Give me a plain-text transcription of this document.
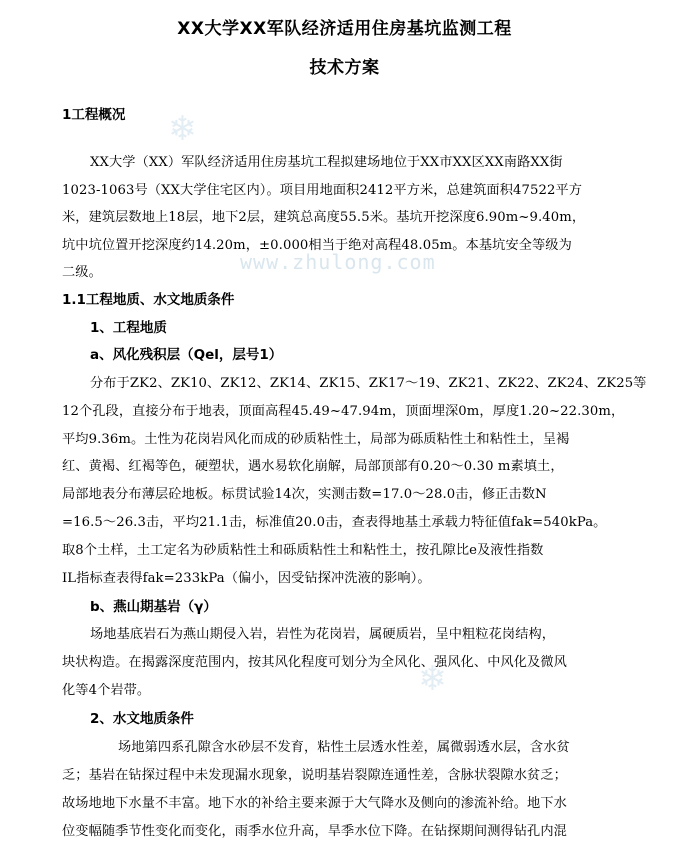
❄
❄
www.zhulong.com
XX大学XX军队经济适用住房基坑监测工程
技术方案
1工程概况
XX大学（XX）军队经济适用住房基坑工程拟建场地位于XX市XX区XX南路XX街
1023-1063号（XX大学住宅区内）。项目用地面积2412平方米，总建筑面积47522平方
米，建筑层数地上18层，地下2层，建筑总高度55.5米。基坑开挖深度6.90m~9.40m，
坑中坑位置开挖深度约14.20m，±0.000相当于绝对高程48.05m。本基坑安全等级为
二级。
1.1工程地质、水文地质条件
1、工程地质
a、风化残积层（Qel，层号1）
分布于ZK2、ZK10、ZK12、ZK14、ZK15、ZK17～19、ZK21、ZK22、ZK24、ZK25等
12个孔段，直接分布于地表，顶面高程45.49~47.94m，顶面埋深0m，厚度1.20~22.30m，
平均9.36m。土性为花岗岩风化而成的砂质粘性土，局部为砾质粘性土和粘性土，呈褐
红、黄褐、红褐等色，硬塑状，遇水易软化崩解，局部顶部有0.20～0.30 m素填土，
局部地表分布薄层砼地板。标贯试验14次，实测击数=17.0～28.0击，修正击数N
=16.5～26.3击，平均21.1击，标准值20.0击，查表得地基土承载力特征值fak=540kPa。
取8个土样，土工定名为砂质粘性土和砾质粘性土和粘性土，按孔隙比e及液性指数
IL指标查表得fak=233kPa（偏小，因受钻探冲洗液的影响）。
b、燕山期基岩（γ）
场地基底岩石为燕山期侵入岩，岩性为花岗岩，属硬质岩，呈中粗粒花岗结构，
块状构造。在揭露深度范围内，按其风化程度可划分为全风化、强风化、中风化及微风
化等4个岩带。
2、水文地质条件
场地第四系孔隙含水砂层不发育，粘性土层透水性差，属微弱透水层，含水贫
乏；基岩在钻探过程中未发现漏水现象，说明基岩裂隙连通性差，含脉状裂隙水贫乏；
故场地地下水量不丰富。地下水的补给主要来源于大气降水及侧向的渗流补给。地下水
位变幅随季节性变化而变化，雨季水位升高，旱季水位下降。在钻探期间测得钻孔内混
